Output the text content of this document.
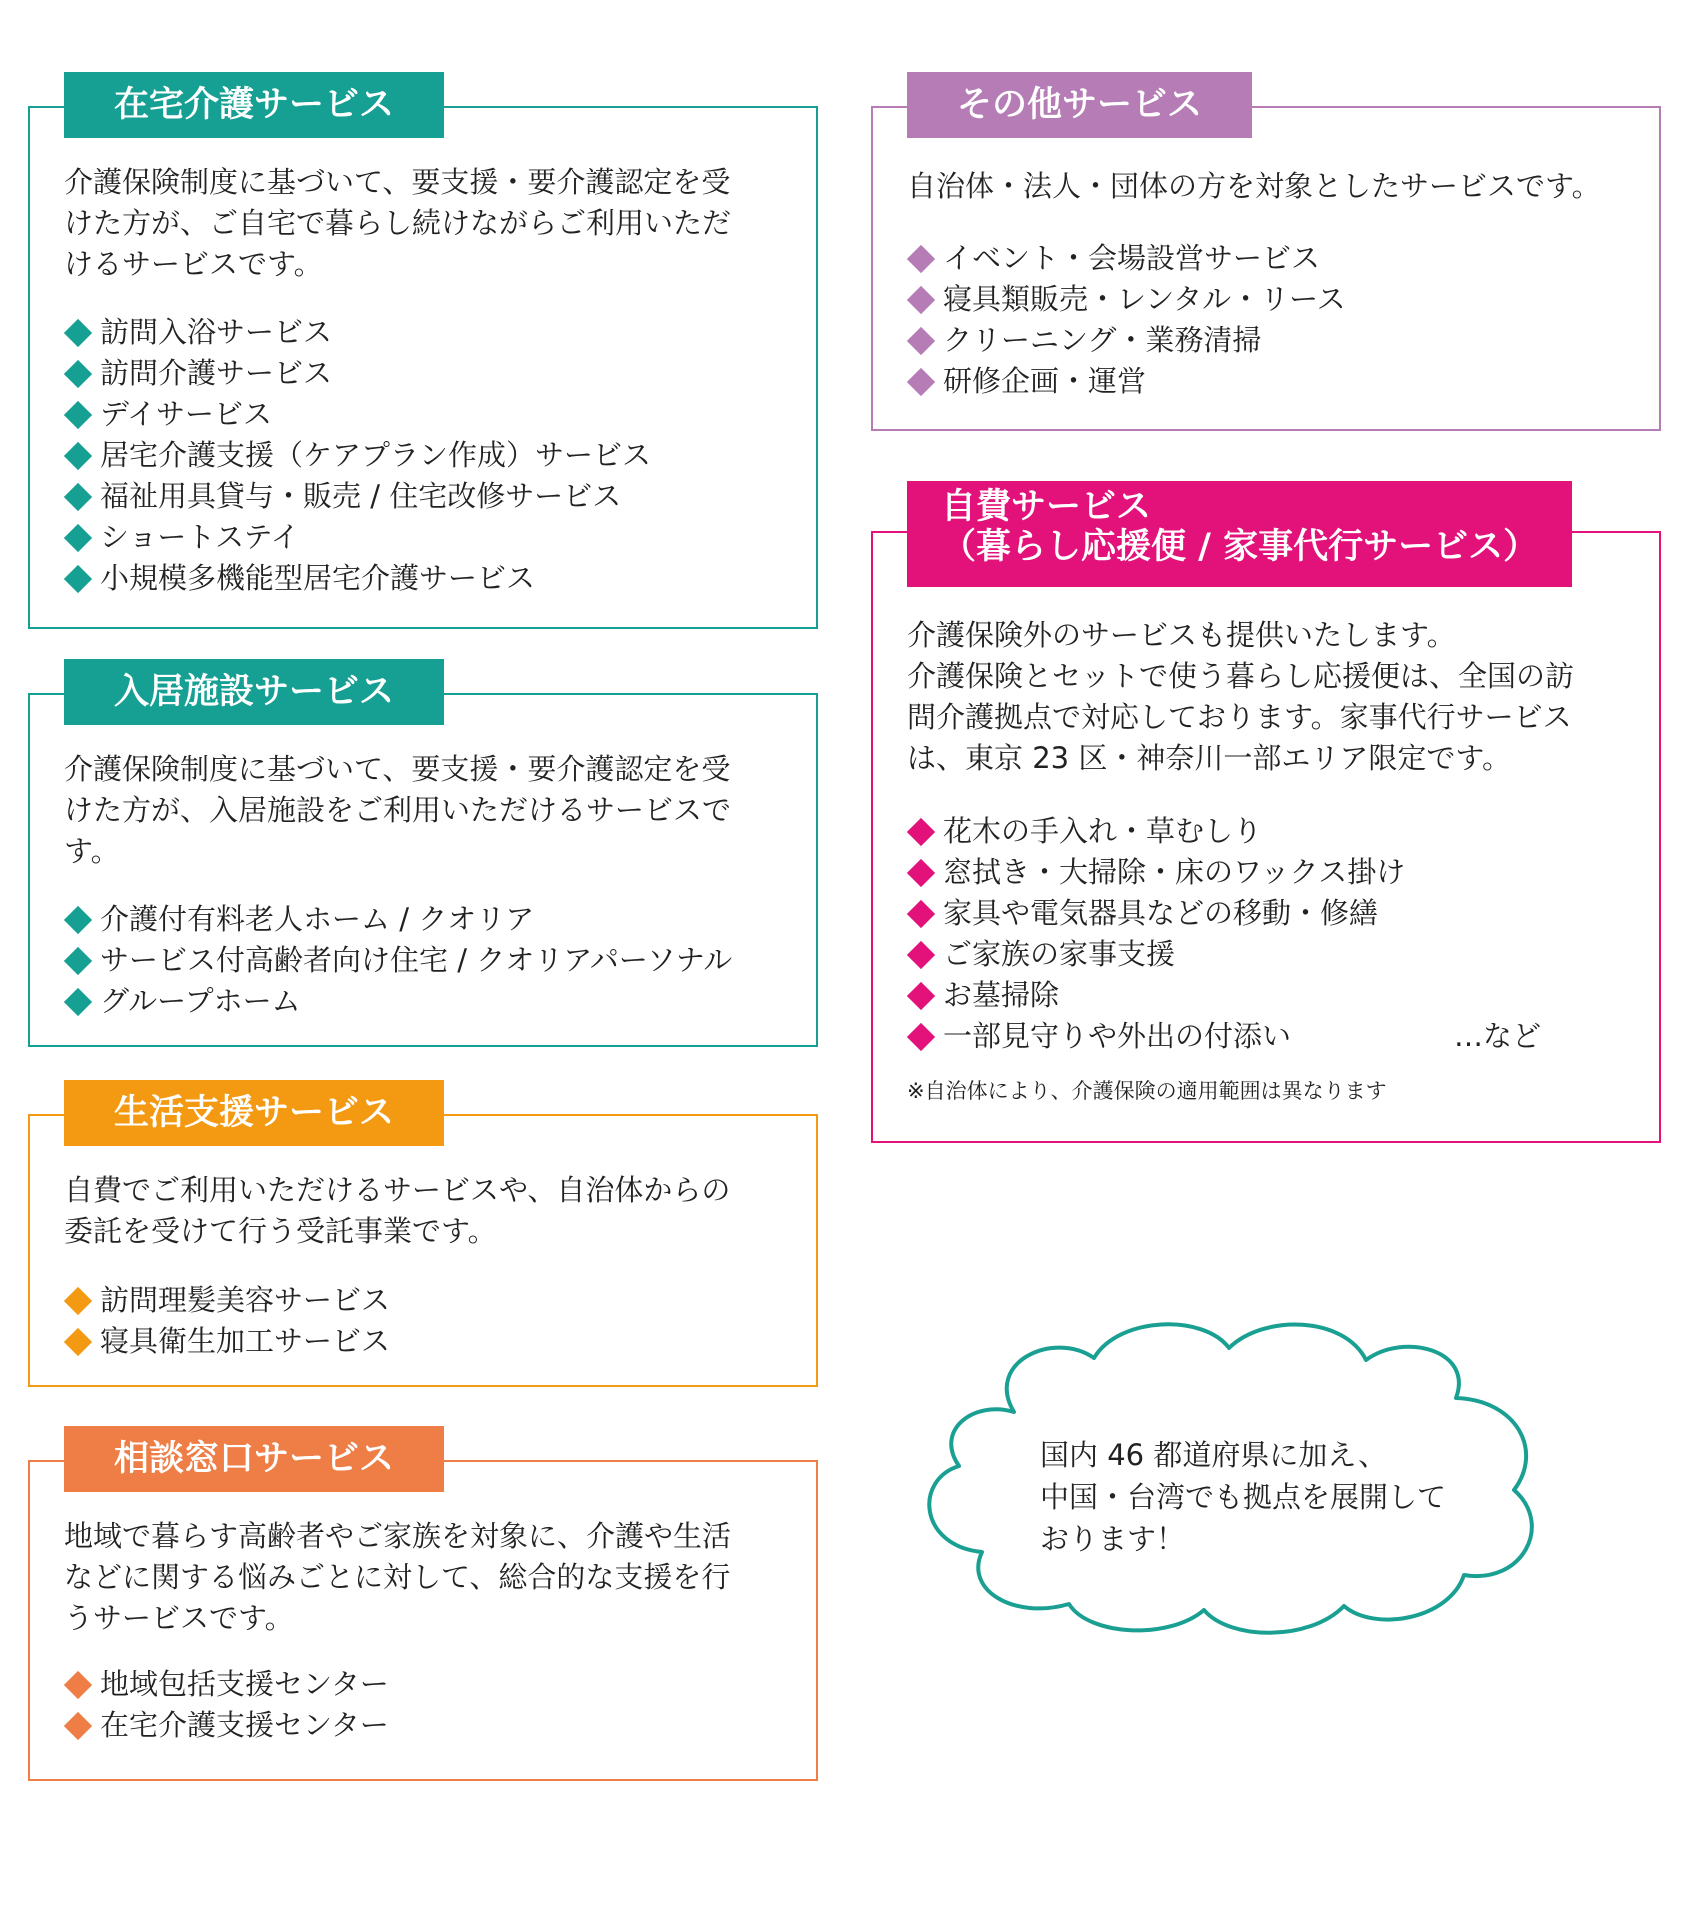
在宅介護サービス

介護保険制度に基づいて、要支援・要介護認定を受
けた方が、ご自宅で暮らし続けながらご利用いただ
けるサービスです。

訪問入浴サービス
訪問介護サービス
デイサービス
居宅介護支援（ケアプラン作成）サービス
福祉用具貸与・販売 / 住宅改修サービス
ショートステイ
小規模多機能型居宅介護サービス
入居施設サービス

介護保険制度に基づいて、要支援・要介護認定を受
けた方が、入居施設をご利用いただけるサービスで
す。

介護付有料老人ホーム / クオリア
サービス付高齢者向け住宅 / クオリアパーソナル
グループホーム
生活支援サービス

自費でご利用いただけるサービスや、自治体からの
委託を受けて行う受託事業です。

訪問理髪美容サービス
寝具衛生加工サービス
相談窓口サービス

地域で暮らす高齢者やご家族を対象に、介護や生活
などに関する悩みごとに対して、総合的な支援を行
うサービスです。

地域包括支援センター
在宅介護支援センター
その他サービス

自治体・法人・団体の方を対象としたサービスです。

イベント・会場設営サービス
寝具類販売・レンタル・リース
クリーニング・業務清掃
研修企画・運営
自費サービス
（暮らし応援便 / 家事代行サービス）

介護保険外のサービスも提供いたします。
介護保険とセットで使う暮らし応援便は、全国の訪
問介護拠点で対応しております。家事代行サービス
は、東京 23 区・神奈川一部エリア限定です。

花木の手入れ・草むしり
窓拭き・大掃除・床のワックス掛け
家具や電気器具などの移動・修繕
ご家族の家事支援
お墓掃除
一部見守りや外出の付添い	…など

※自治体により、介護保険の適用範囲は異なります

国内 46 都道府県に加え、
中国・台湾でも拠点を展開して
おります！
